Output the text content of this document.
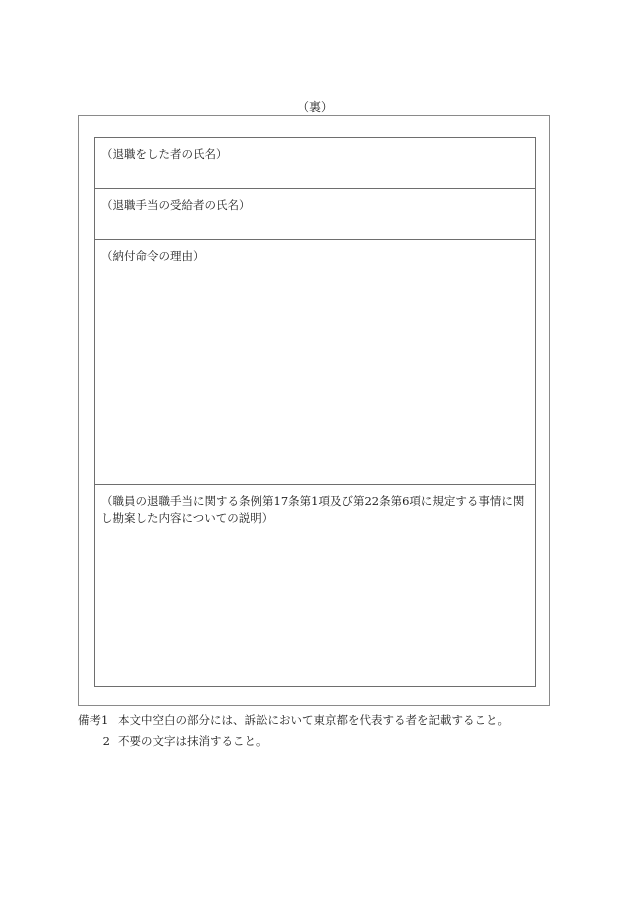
（裏）
（退職をした者の氏名）
（退職手当の受給者の氏名）
（納付命令の理由）
（職員の退職手当に関する条例第17条第1項及び第22条第6項に規定する事情に関し勘案した内容についての説明）
備考1 本文中空白の部分には、訴訟において東京都を代表する者を記載すること。
2 不要の文字は抹消すること。
